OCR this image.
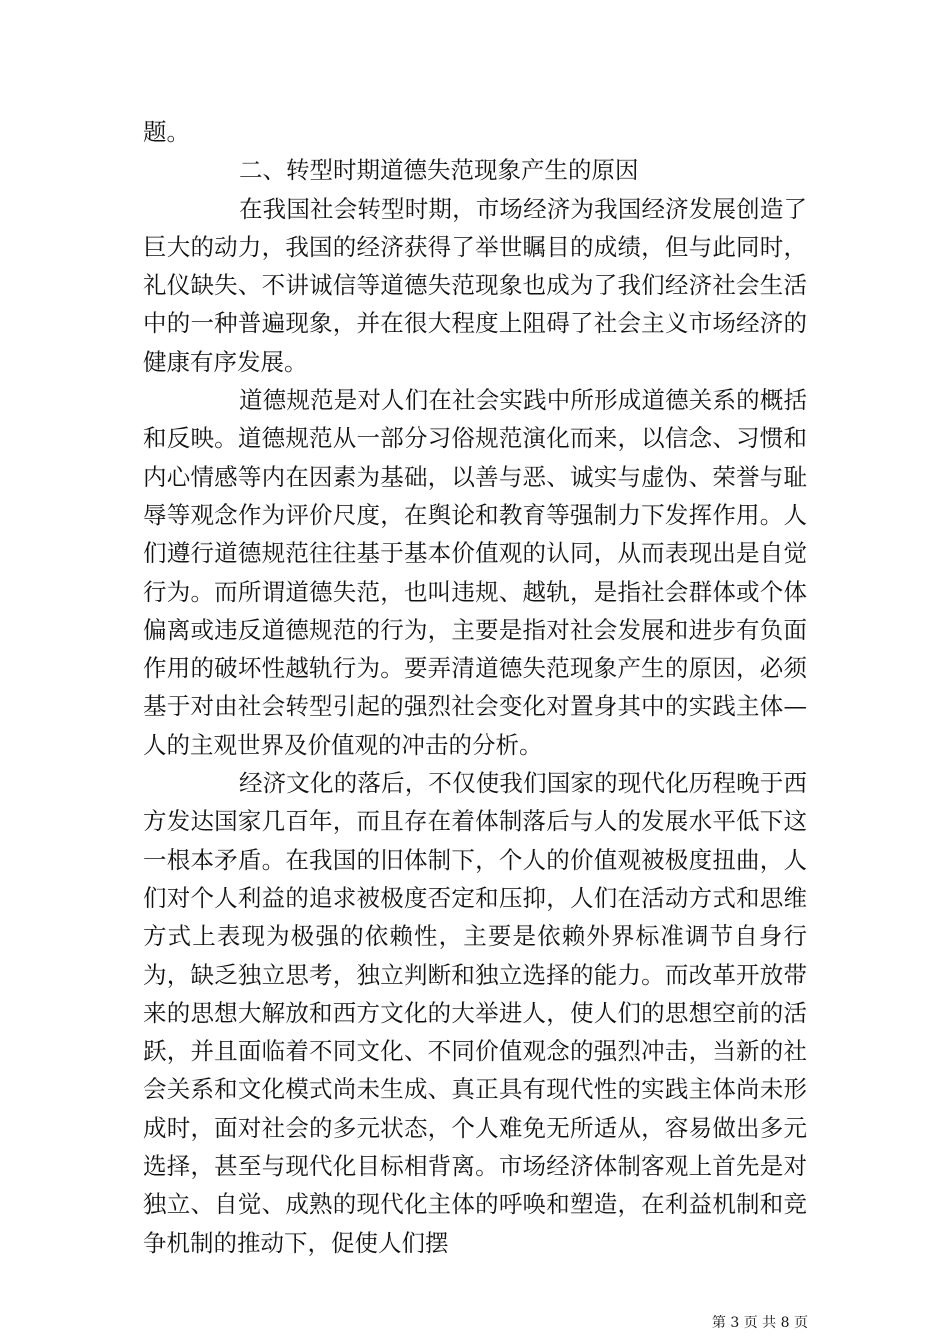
题。

二、转型时期道德失范现象产生的原因

在我国社会转型时期，市场经济为我国经济发展创造了巨大的动力，我国的经济获得了举世瞩目的成绩，但与此同时，礼仪缺失、不讲诚信等道德失范现象也成为了我们经济社会生活中的一种普遍现象，并在很大程度上阻碍了社会主义市场经济的健康有序发展。

道德规范是对人们在社会实践中所形成道德关系的概括和反映。道德规范从一部分习俗规范演化而来，以信念、习惯和内心情感等内在因素为基础，以善与恶、诚实与虚伪、荣誉与耻辱等观念作为评价尺度，在舆论和教育等强制力下发挥作用。人们遵行道德规范往往基于基本价值观的认同，从而表现出是自觉行为。而所谓道德失范，也叫违规、越轨，是指社会群体或个体偏离或违反道德规范的行为，主要是指对社会发展和进步有负面作用的破坏性越轨行为。要弄清道德失范现象产生的原因，必须基于对由社会转型引起的强烈社会变化对置身其中的实践主体—人的主观世界及价值观的冲击的分析。

经济文化的落后，不仅使我们国家的现代化历程晚于西方发达国家几百年，而且存在着体制落后与人的发展水平低下这一根本矛盾。在我国的旧体制下，个人的价值观被极度扭曲，人们对个人利益的追求被极度否定和压抑，人们在活动方式和思维方式上表现为极强的依赖性，主要是依赖外界标准调节自身行为，缺乏独立思考，独立判断和独立选择的能力。而改革开放带来的思想大解放和西方文化的大举进人，使人们的思想空前的活跃，并且面临着不同文化、不同价值观念的强烈冲击，当新的社会关系和文化模式尚未生成、真正具有现代性的实践主体尚未形成时，面对社会的多元状态，个人难免无所适从，容易做出多元选择，甚至与现代化目标相背离。市场经济体制客观上首先是对独立、自觉、成熟的现代化主体的呼唤和塑造，在利益机制和竞争机制的推动下，促使人们摆

第 3 页 共 8 页
